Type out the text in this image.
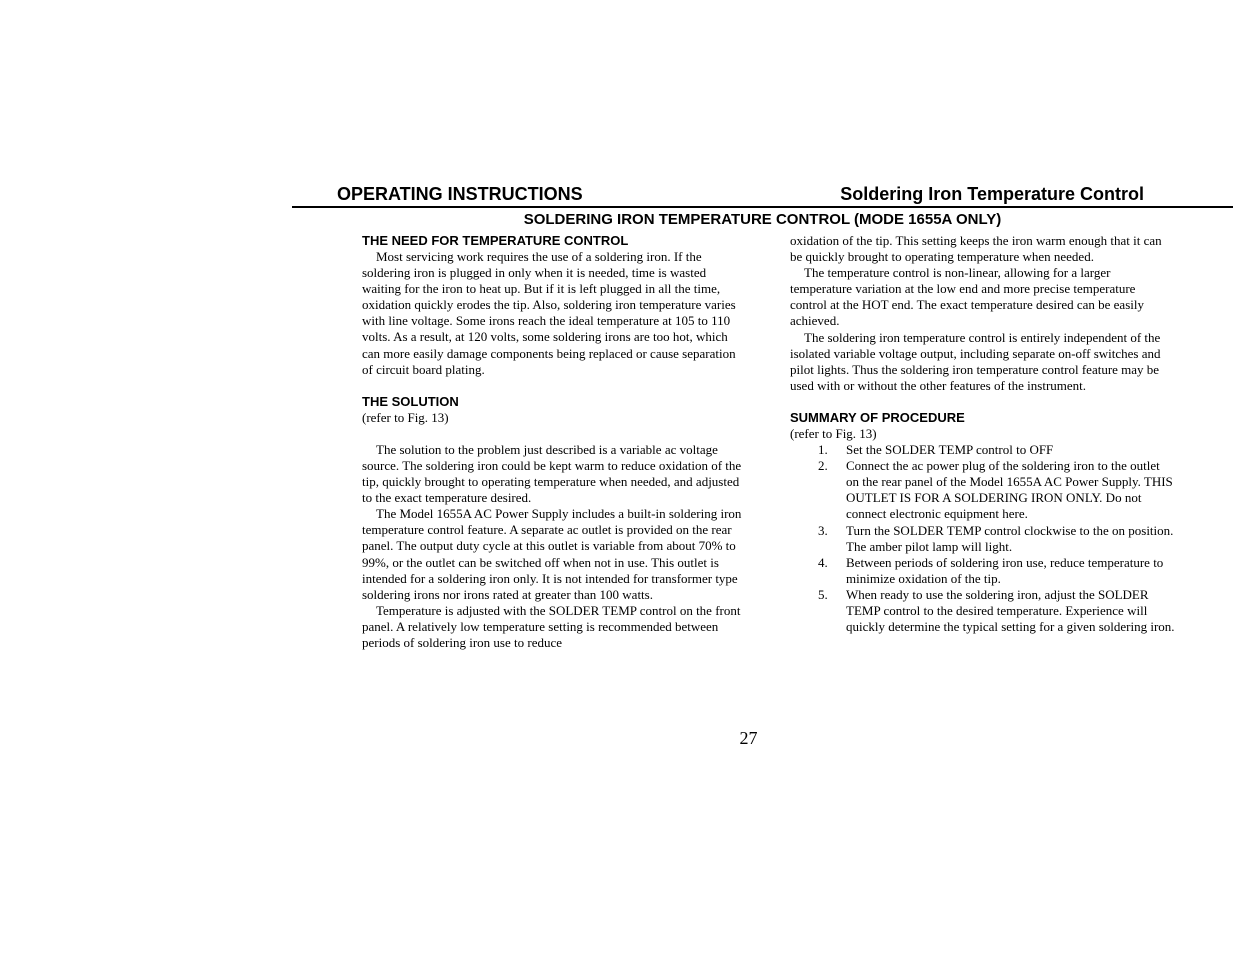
OPERATING INSTRUCTIONS	Soldering Iron Temperature Control
SOLDERING IRON TEMPERATURE CONTROL (MODE 1655A ONLY)
THE NEED FOR TEMPERATURE CONTROL

Most servicing work requires the use of a soldering iron. If the soldering iron is plugged in only when it is needed, time is wasted waiting for the iron to heat up. But if it is left plugged in all the time, oxidation quickly erodes the tip. Also, soldering iron temperature varies with line voltage. Some irons reach the ideal temperature at 105 to 110 volts. As a result, at 120 volts, some soldering irons are too hot, which can more easily damage components being replaced or cause separation of circuit board plating.

THE SOLUTION

(refer to Fig. 13)

The solution to the problem just described is a variable ac voltage source. The soldering iron could be kept warm to reduce oxidation of the tip, quickly brought to operating temperature when needed, and adjusted to the exact temperature desired.

The Model 1655A AC Power Supply includes a built-in soldering iron temperature control feature. A separate ac outlet is provided on the rear panel. The output duty cycle at this outlet is variable from about 70% to 99%, or the outlet can be switched off when not in use. This outlet is intended for a soldering iron only. It is not intended for transformer type soldering irons nor irons rated at greater than 100 watts.

Temperature is adjusted with the SOLDER TEMP control on the front panel. A relatively low temperature setting is recommended between periods of soldering iron use to reduce

oxidation of the tip. This setting keeps the iron warm enough that it can be quickly brought to operating temperature when needed.

The temperature control is non-linear, allowing for a larger temperature variation at the low end and more precise temperature control at the HOT end. The exact temperature desired can be easily achieved.

The soldering iron temperature control is entirely independent of the isolated variable voltage output, including separate on-off switches and pilot lights. Thus the soldering iron temperature control feature may be used with or without the other features of the instrument.

SUMMARY OF PROCEDURE

(refer to Fig. 13)

1. Set the SOLDER TEMP control to OFF
2. Connect the ac power plug of the soldering iron to the outlet on the rear panel of the Model 1655A AC Power Supply. THIS OUTLET IS FOR A SOLDERING IRON ONLY. Do not connect electronic equipment here.
3. Turn the SOLDER TEMP control clockwise to the on position. The amber pilot lamp will light.
4. Between periods of soldering iron use, reduce temperature to minimize oxidation of the tip.
5. When ready to use the soldering iron, adjust the SOLDER TEMP control to the desired temperature. Experience will quickly determine the typical setting for a given soldering iron.
27
